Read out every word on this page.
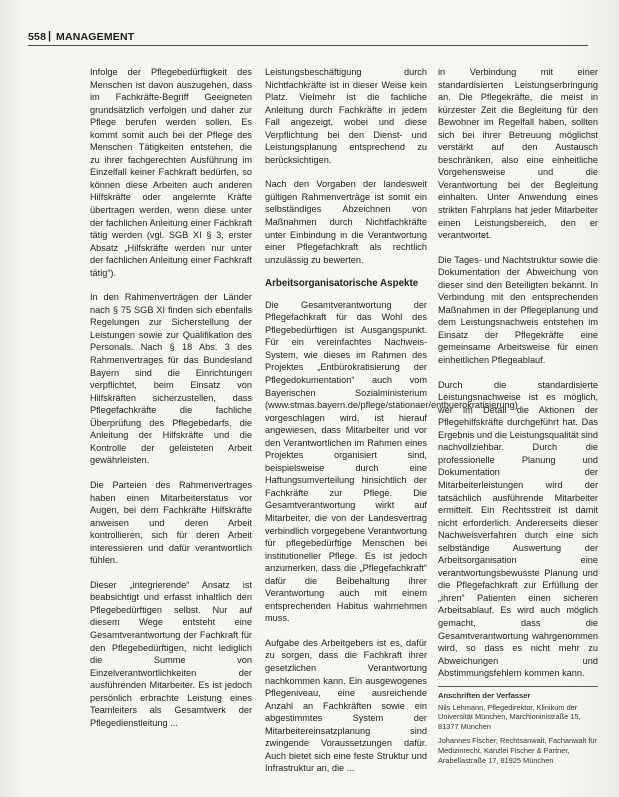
558 | MANAGEMENT

Infolge der Pflegebedürftigkeit des Menschen ist davon auszugehen, dass im Fachkräfte-Begriff Geeigneten grundsätzlich verfolgen und daher zur Pflege berufen werden sollen. Es kommt somit auch bei der Pflege des Menschen Tätigkeiten entstehen, die zu ihrer fachgerechten Ausführung im Einzelfall keiner Fachkraft bedürfen, so können diese Arbeiten auch anderen Hilfskräfte oder angelernte Kräfte übertragen werden, wenn diese unter der fachlichen Anleitung einer Fachkraft tätig werden (vgl. SGB XI § 3, erster Absatz „Hilfskräfte werden nur unter der fachlichen Anleitung einer Fachkraft tätig“).

In den Rahmenverträgen der Länder nach § 75 SGB XI finden sich ebenfalls Regelungen zur Sicherstellung der Leistungen sowie zur Qualifikation des Personals. Nach § 18 Abs. 3 des Rahmenvertrages für das Bundesland Bayern sind die Einrichtungen verpflichtet, beim Einsatz von Hilfskräften sicherzustellen, dass Pflegefachkräfte die fachliche Überprüfung des Pflegebedarfs, die Anleitung der Hilfskräfte und die Kontrolle der geleisteten Arbeit gewährleisten.

Die Parteien des Rahmenvertrages haben einen Mitarbeiterstatus vor Augen, bei dem Fachkräfte Hilfskräfte anweisen und deren Arbeit kontrollieren, sich für deren Arbeit interessieren und dafür verantwortlich fühlen.

Dieser „integrierende“ Ansatz ist beabsichtigt und erfasst inhaltlich den Pflegebedürftigen selbst. Nur auf diesem Wege entsteht eine Gesamtverantwortung der Fachkraft für den Pflegebedürftigen, nicht lediglich die Summe von Einzelverantwortlichkeiten der ausführenden Mitarbeiter. Es ist jedoch persönlich erbrachte Leistung eines Teamleiters als Gesamtwerk der Pflegedienstleitung ...

Leistungsbeschäftigung durch Nichtfachkräfte ist in dieser Weise kein Platz. Vielmehr ist die fachliche Anleitung durch Fachkräfte in jedem Fall angezeigt, wobei und diese Verpflichtung bei den Dienst- und Leistungsplanung entsprechend zu berücksichtigen.

Nach den Vorgaben der landesweit gültigen Rahmenverträge ist somit ein selbständiges Abzeichnen von Maßnahmen durch Nichtfachkräfte unter Einbindung in die Verantwortung einer Pflegefachkraft als rechtlich unzulässig zu bewerten.

Arbeitsorganisatorische Aspekte

Die Gesamtverantwortung der Pflegefachkraft für das Wohl des Pflegebedürftigen ist Ausgangspunkt. Für ein vereinfachtes Nachweis-System, wie dieses im Rahmen des Projektes „Entbürokratisierung der Pflegedokumentation“ auch vom Bayerischen Sozialministerium (www.stmas.bayern.de/pflege/stationaer/entbuerokratisierung) vorgeschlagen wird, ist hierauf angewiesen, dass Mitarbeiter und vor den Verantwortlichen im Rahmen eines Projektes organisiert sind, beispielsweise durch eine Haftungsumverteilung hinsichtlich der Fachkräfte zur Pflege. Die Gesamtverantwortung wirkt auf Mitarbeiter, die von der Landesvertrag verbindlich vorgegebene Verantwortung für pflegebedürftige Menschen bei institutioneller Pflege. Es ist jedoch anzumerken, dass die „Pflegefachkraft“ dafür die Beibehaltung ihrer Verantwortung auch mit einem entsprechenden Habitus wahrnehmen muss.

Aufgabe des Arbeitgebers ist es, dafür zu sorgen, dass die Fachkraft ihrer gesetzlichen Verantwortung nachkommen kann. Ein ausgewogenes Pflegeniveau, eine ausreichende Anzahl an Fachkräften sowie ein abgestimmtes System der Mitarbeitereinsatzplanung sind zwingende Voraussetzungen dafür. Auch bietet sich eine feste Struktur und Infrastruktur an, die ...

in Verbindung mit einer standardisierten Leistungserbringung an. Die Pflegekräfte, die meist in kürzester Zeit die Begleitung für den Bewohner im Regelfall haben, sollten sich bei ihrer Betreuung möglichst verstärkt auf den Austausch beschränken, also eine einheitliche Vorgehensweise und die Verantwortung bei der Begleitung einhalten. Unter Anwendung eines strikten Fahrplans hat jeder Mitarbeiter einen Leistungsbereich, den er verantwortet.

Die Tages- und Nachtstruktur sowie die Dokumentation der Abweichung von dieser sind den Beteiligten bekannt. In Verbindung mit den entsprechenden Maßnahmen in der Pflegeplanung und dem Leistungsnachweis entstehen im Einsatz der Pflegekräfte eine gemeinsame Arbeitsweise für einen einheitlichen Pflegeablauf.

Durch die standardisierte Leistungsnachweise ist es möglich, wer im Detail die Aktionen der Pflegehilfskräfte durchgeführt hat. Das Ergebnis und die Leistungsqualität sind nachvollziehbar. Durch die professionelle Planung und Dokumentation der Mitarbeiterleistungen wird der tatsächlich ausführende Mitarbeiter ermittelt. Ein Rechtsstreit ist damit nicht erforderlich. Andererseits dieser Nachweisverfahren durch eine sich selbständige Auswertung der Arbeitsorganisation eine verantwortungsbewusste Planung und die Pflegefachkraft zur Erfüllung der „ihren“ Patienten einen sicheren Arbeitsablauf. Es wird auch möglich gemacht, dass die Gesamtverantwortung wahrgenommen wird, so dass es nicht mehr zu Abweichungen und Abstimmungsfehlern kommen kann.

Anschriften der Verfasser
Nils Lehmann, Pflegedirektor, Klinikum der Universität München, Marchioninistraße 15, 81377 München
Johannes Fischer, Rechtsanwalt, Fachanwalt für Medizinrecht, Kanzlei Fischer & Partner, Arabellastraße 17, 81925 München
